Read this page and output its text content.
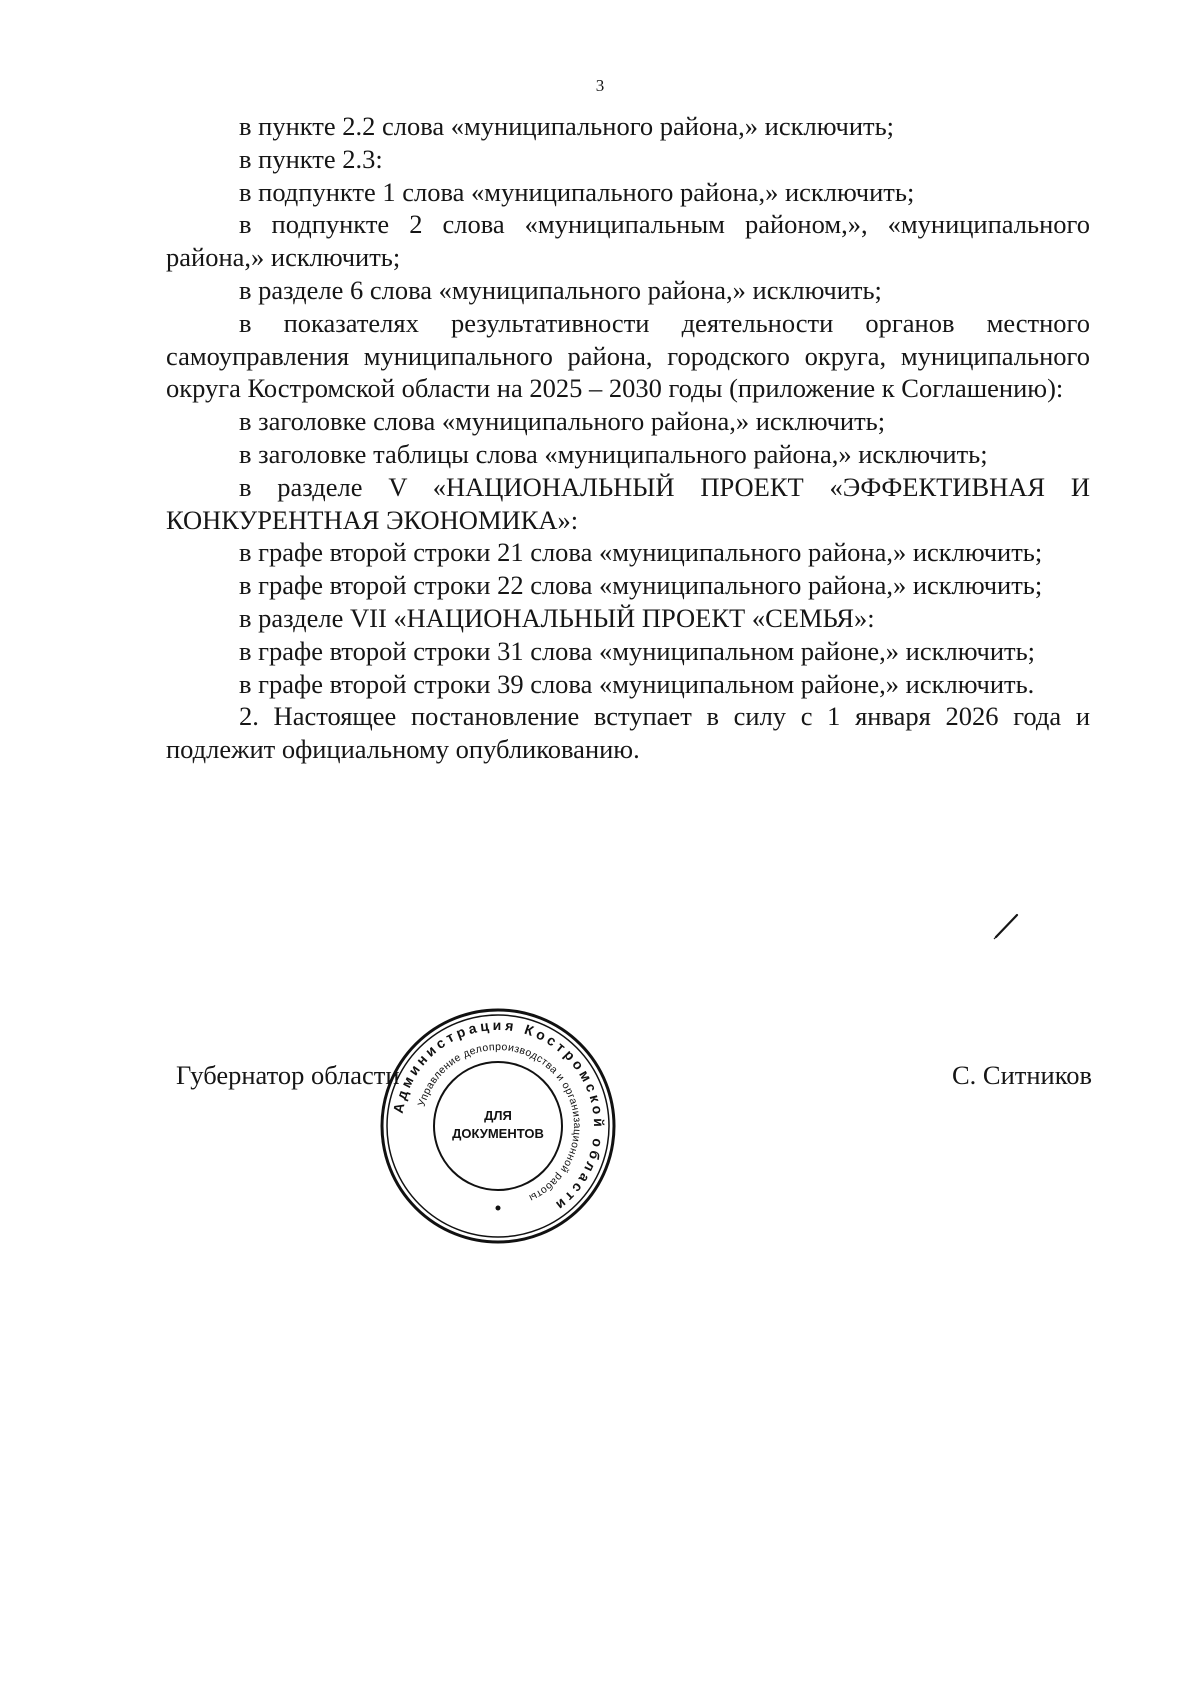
3

в пункте 2.2 слова «муниципального района,» исключить;

в пункте 2.3:

в подпункте 1 слова «муниципального района,» исключить;

в подпункте 2 слова «муниципальным районом,», «муниципального района,» исключить;

в разделе 6 слова «муниципального района,» исключить;

в показателях результативности деятельности органов местного самоуправления муниципального района, городского округа, муниципального округа Костромской области на 2025 – 2030 годы (приложение к Соглашению):

в заголовке слова «муниципального района,» исключить;

в заголовке таблицы слова «муниципального района,» исключить;

в разделе V «НАЦИОНАЛЬНЫЙ ПРОЕКТ «ЭФФЕКТИВНАЯ И КОНКУРЕНТНАЯ ЭКОНОМИКА»:

в графе второй строки 21 слова «муниципального района,» исключить;

в графе второй строки 22 слова «муниципального района,» исключить;

в разделе VII «НАЦИОНАЛЬНЫЙ ПРОЕКТ «СЕМЬЯ»:

в графе второй строки 31 слова «муниципальном районе,» исключить;

в графе второй строки 39 слова «муниципальном районе,» исключить.

2. Настоящее постановление вступает в силу с 1 января 2026 года и подлежит официальному опубликованию.

Губернатор области	С. Ситников
Администрация Костромской области
Управление делопроизводства и организационной работы
ДЛЯ
ДОКУМЕНТОВ
